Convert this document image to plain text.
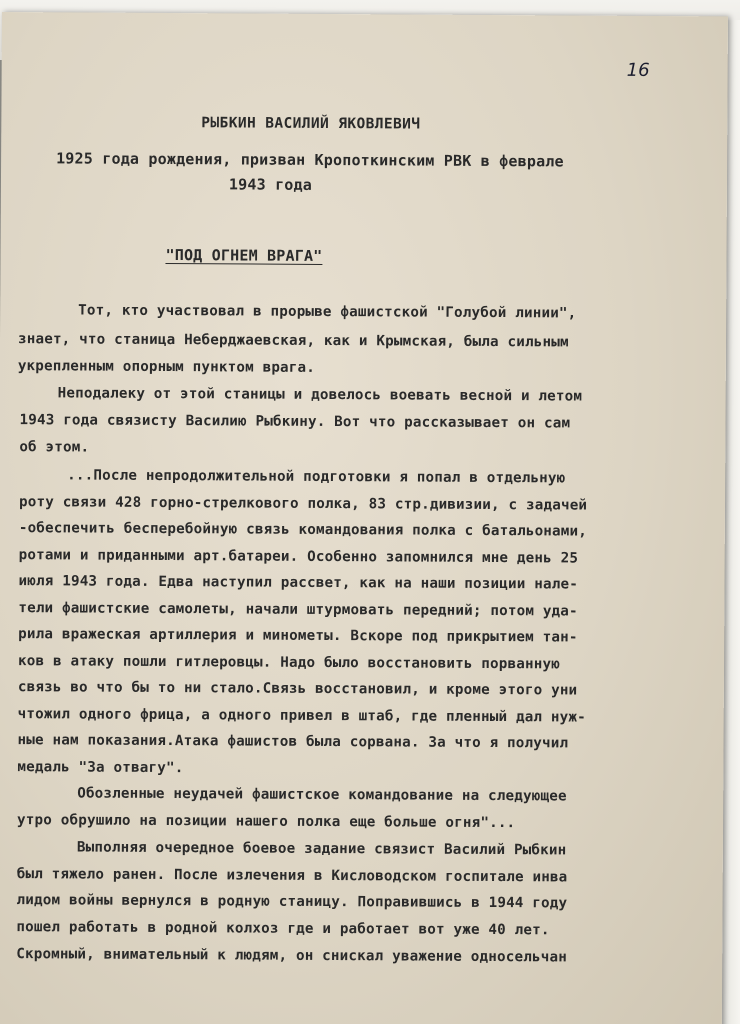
16
РЫБКИН ВАСИЛИЙ ЯКОВЛЕВИЧ
1925 года рождения, призван Кропоткинским РВК в феврале
1943 года
"ПОД ОГНЕМ ВРАГА"
Тот, кто участвовал в прорыве фашистской "Голубой линии",
знает, что станица Неберджаевская, как и Крымская, была сильным
укрепленным опорным пунктом врага.
Неподалеку от этой станицы и довелось воевать весной и летом
1943 года связисту Василию Рыбкину. Вот что рассказывает он сам
об этом.
...После непродолжительной подготовки я попал в отдельную
роту связи 428 горно-стрелкового полка, 83 стр.дивизии, с задачей
-обеспечить бесперебойную связь командования полка с батальонами,
ротами и приданными арт.батареи. Особенно запомнился мне день 25
июля 1943 года. Едва наступил рассвет, как на наши позиции нале-
тели фашистские самолеты, начали штурмовать передний; потом уда-
рила вражеская артиллерия и минометы. Вскоре под прикрытием тан-
ков в атаку пошли гитлеровцы. Надо было восстановить порванную
связь во что бы то ни стало.Связь восстановил, и кроме этого уни
чтожил одного фрица, а одного привел в штаб, где пленный дал нуж-
ные нам показания.Атака фашистов была сорвана. За что я получил
медаль "За отвагу".
Обозленные неудачей фашистское командование на следующее
утро обрушило на позиции нашего полка еще больше огня"...
Выполняя очередное боевое задание связист Василий Рыбкин
был тяжело ранен. После излечения в Кисловодском госпитале инва
лидом войны вернулся в родную станицу. Поправившись в 1944 году
пошел работать в родной колхоз где и работает вот уже 40 лет.
Скромный, внимательный к людям, он снискал уважение односельчан
